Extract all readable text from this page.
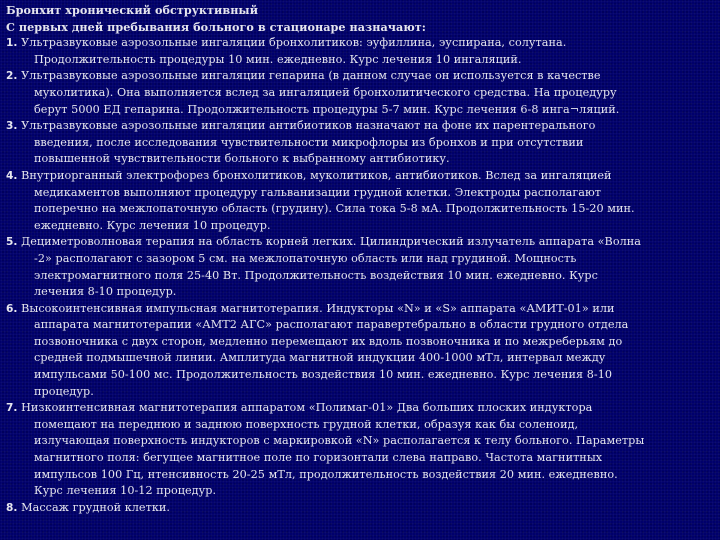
Бронхит хронический обструктивный
С первых дней пребывания больного в стационаре назначают:
1. Ультразвуковые аэрозольные ингаляции бронхолитиков: эуфиллина, эуспирана, солутана.
Продолжительность процедуры 10 мин. ежедневно. Курс лечения 10 ингаляций.
2. Ультразвуковые аэрозольные ингаляции гепарина (в данном случае он используется в качестве
муколитика). Она выполняется вслед за ингаляцией бронхолитического средства. На процедуру
берут 5000 ЕД гепарина. Продолжительность процедуры 5-7 мин. Курс лечения 6-8 инга¬ляций.
3. Ультразвуковые аэрозольные ингаляции антибиотиков назначают на фоне их парентерального
введения, после исследования чувствительности микрофлоры из бронхов и при отсутствии
повышенной чувствительности больного к выбранному антибиотику.
4. Внутриорганный электрофорез бронхолитиков, муколитиков, антибиотиков. Вслед за ингаляцией
медикаментов выполняют процедуру гальванизации грудной клетки. Электроды располагают
поперечно на межлопаточную область (грудину). Сила тока 5-8 мА. Продолжительность 15-20 мин.
ежедневно. Курс лечения 10 процедур.
5. Дециметроволновая терапия на область корней легких. Цилиндрический излучатель аппарата «Волна
-2» располагают с зазором 5 см. на межлопаточную область или над грудиной. Мощность
электромагнитного поля 25-40 Вт. Продолжительность воздействия 10 мин. ежедневно. Курс
лечения 8-10 процедур.
6. Высокоинтенсивная импульсная магнитотерапия. Индукторы «N» и «S» аппарата «АМИТ-01» или
аппарата магнитотерапии «АМТ2 АГС» располагают паравертебрально в области грудного отдела
позвоночника с двух сторон, медленно перемещают их вдоль позвоночника и по межреберьям до
средней подмышечной линии. Амплитуда магнитной индукции 400-1000 мТл, интервал между
импульсами 50-100 мс. Продолжительность воздействия 10 мин. ежедневно. Курс лечения 8-10
процедур.
7. Низкоинтенсивная магнитотерапия аппаратом «Полимаг-01» Два больших плоских индуктора
помещают на переднюю и заднюю поверхность грудной клетки, образуя как бы соленоид,
излучающая поверхность индукторов с маркировкой «N» располагается к телу больного. Параметры
магнитного поля: бегущее магнитное поле по горизонтали слева направо. Частота магнитных
импульсов 100 Гц, нтенсивность 20-25 мТл, продолжительность воздействия 20 мин. ежедневно.
Курс лечения 10-12 процедур.
8. Массаж грудной клетки.
